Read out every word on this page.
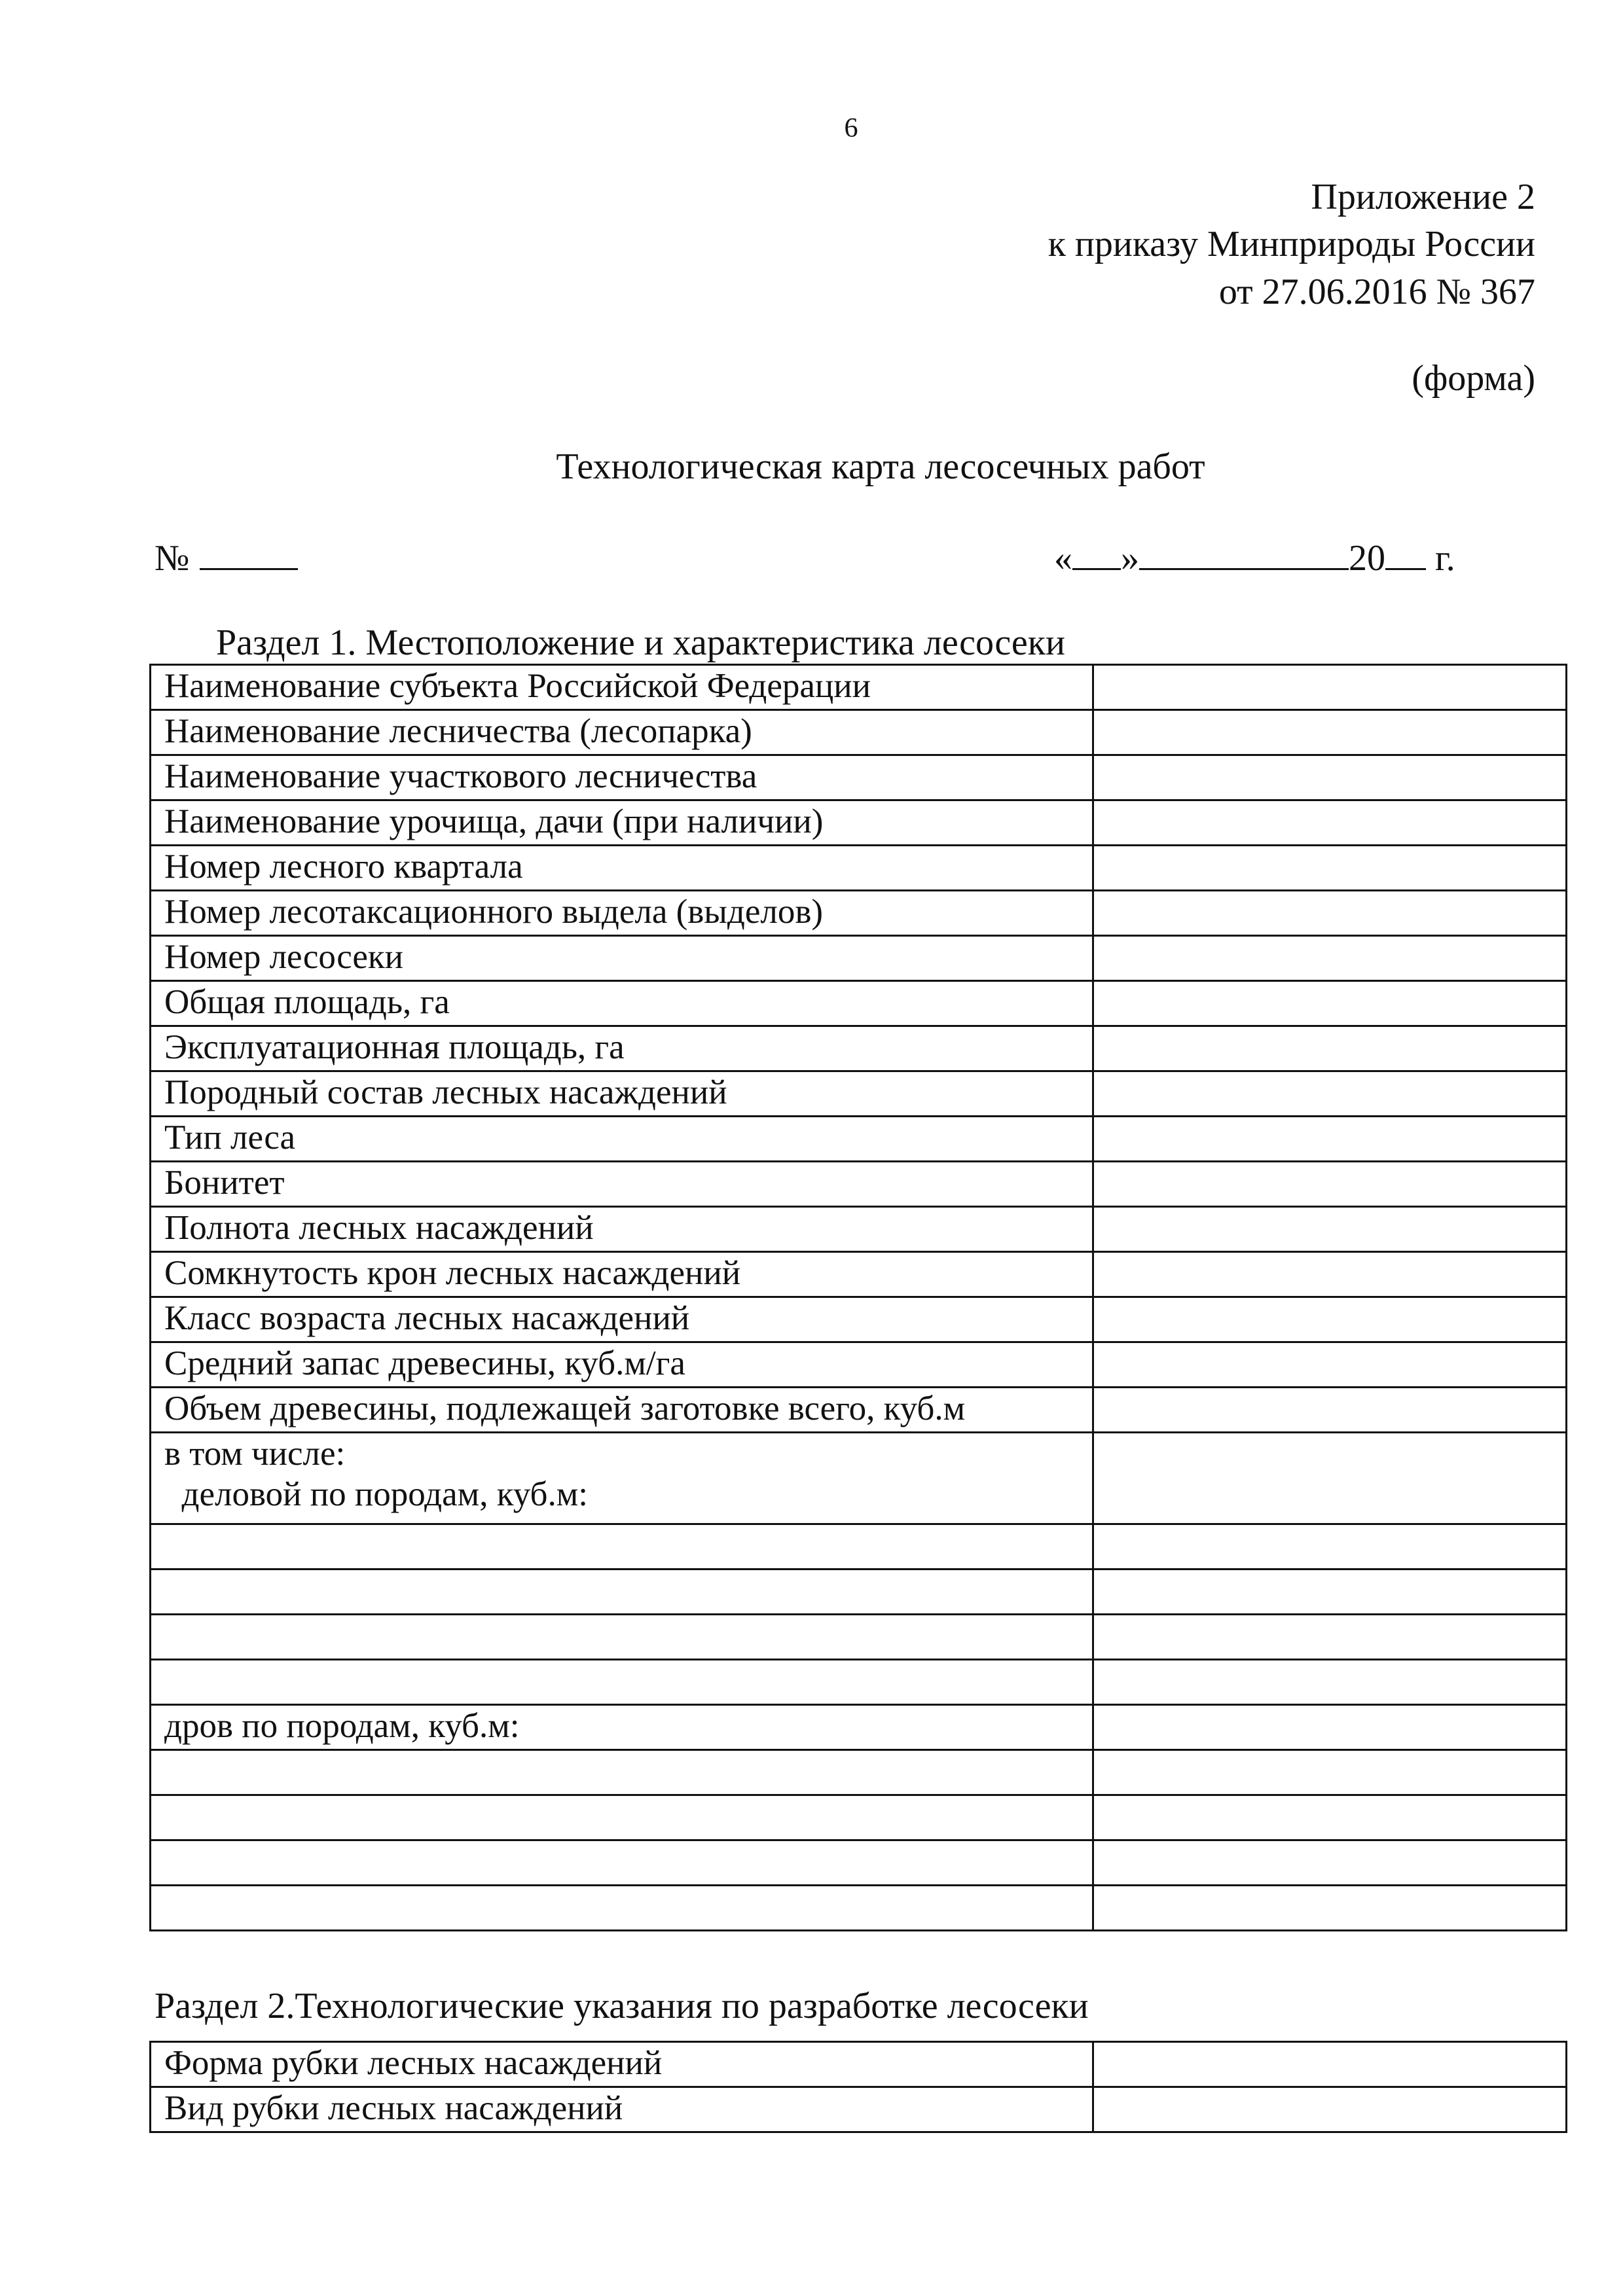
6
Приложение 2
к приказу Минприроды России
от 27.06.2016 № 367
(форма)
Технологическая карта лесосечных работ
№	« »	20 г.
Раздел 1. Местоположение и характеристика лесосеки
Наименование субъекта Российской Федерации	
Наименование лесничества (лесопарка)	
Наименование участкового лесничества	
Наименование урочища, дачи (при наличии)	
Номер лесного квартала	
Номер лесотаксационного выдела (выделов)	
Номер лесосеки	
Общая площадь, га	
Эксплуатационная площадь, га	
Породный состав лесных насаждений	
Тип леса	
Бонитет	
Полнота лесных насаждений	
Сомкнутость крон лесных насаждений	
Класс возраста лесных насаждений	
Средний запас древесины, куб.м/га	
Объем древесины, подлежащей заготовке всего, куб.м	

в том числе:
деловой по породам, куб.м:	

дров по породам, куб.м:	

Раздел 2.Технологические указания по разработке лесосеки
Форма рубки лесных насаждений	
Вид рубки лесных насаждений	
